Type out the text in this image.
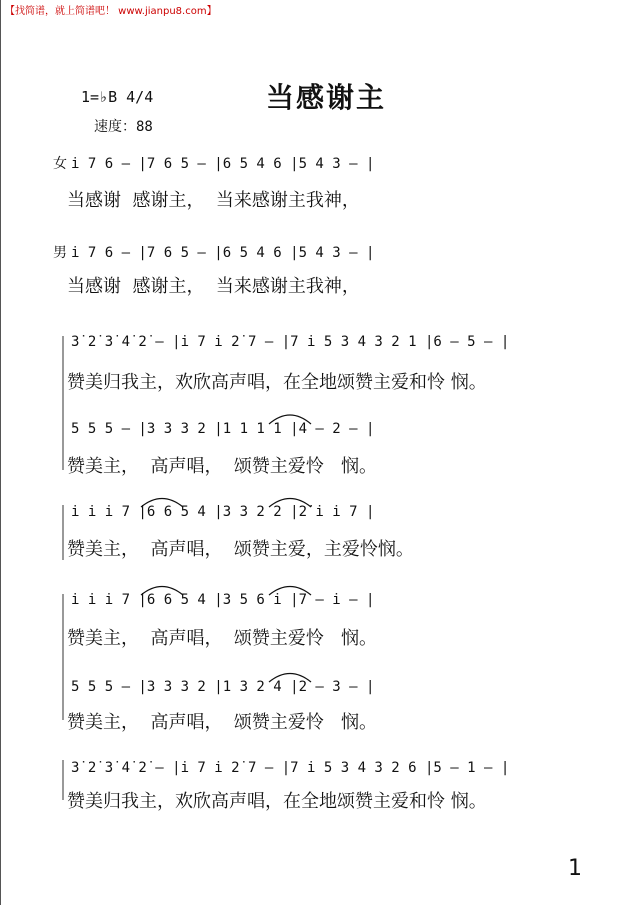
【找简谱，就上简谱吧！ www.jianpu8.com】
1=♭B 4/4	当感谢主
速度：88
女 i̇ 7 6 – |7 6 5 – |6 5 4 6 |5 4 3 – |
男 i̇ 7 6 – |7 6 5 – |6 5 4 6 |5 4 3 – |
3̇ 2̇ 3̇ 4̇ 2̇ – |i̇ 7 i̇ 2̇ 7 – |7 i̇ 5 3 4 3 2 1 |6 – 5 – |
5 5 5 – |3 3 3 2 |1 1 1 1 |4 – 2 – |
i̇ i̇ i̇ 7 |6 6 5 4 |3 3 2 2 |2̇ i̇ i̇ 7 |
i̇ i̇ i̇ 7 |6 6 5 4 |3 5 6 i̇ |7 – i̇ – |
5 5 5 – |3 3 3 2 |1 3 2 4 |2 – 3 – |
3̇ 2̇ 3̇ 4̇ 2̇ – |i̇ 7 i̇ 2̇ 7 – |7 i̇ 5 3 4 3 2 6 |5 – 1 – |
当感谢  感谢主，  当来感谢主我神，
当感谢  感谢主，  当来感谢主我神，
赞美归我主，欢欣高声唱，在全地颂赞主爱和怜 悯。
赞美主，  高声唱，  颂赞主爱怜   悯。
赞美主，  高声唱，  颂赞主爱，主爱怜悯。
赞美主，  高声唱，  颂赞主爱怜   悯。
赞美主，  高声唱，  颂赞主爱怜   悯。
赞美归我主，欢欣高声唱，在全地颂赞主爱和怜 悯。
1
